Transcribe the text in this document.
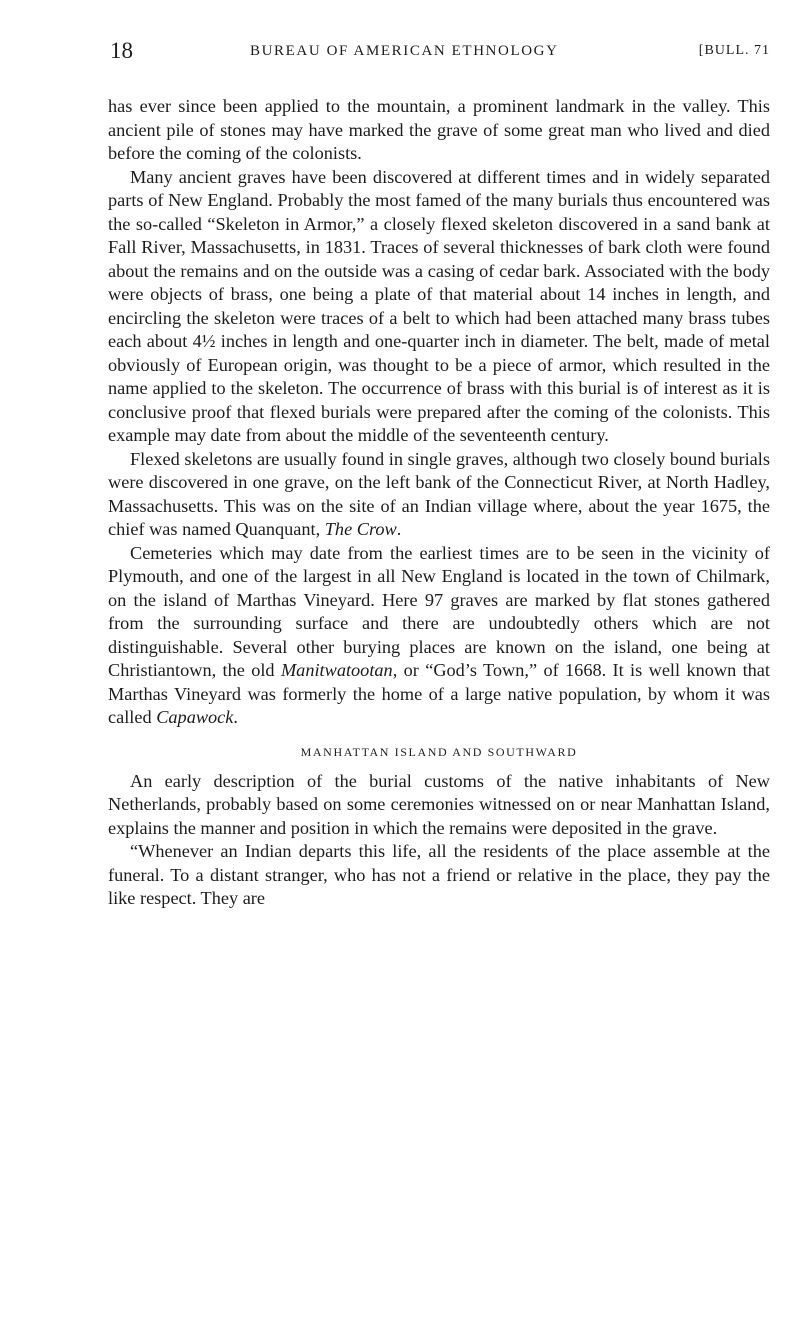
18	BUREAU OF AMERICAN ETHNOLOGY	[BULL. 71

has ever since been applied to the mountain, a prominent landmark in the valley. This ancient pile of stones may have marked the grave of some great man who lived and died before the coming of the colonists.

Many ancient graves have been discovered at different times and in widely separated parts of New England. Probably the most famed of the many burials thus encountered was the so-called “Skeleton in Armor,” a closely flexed skeleton discovered in a sand bank at Fall River, Massachusetts, in 1831. Traces of several thicknesses of bark cloth were found about the remains and on the outside was a casing of cedar bark. Associated with the body were objects of brass, one being a plate of that material about 14 inches in length, and encircling the skeleton were traces of a belt to which had been attached many brass tubes each about 4½ inches in length and one-quarter inch in diameter. The belt, made of metal obviously of European origin, was thought to be a piece of armor, which resulted in the name applied to the skeleton. The occurrence of brass with this burial is of interest as it is conclusive proof that flexed burials were prepared after the coming of the colonists. This example may date from about the middle of the seventeenth century.

Flexed skeletons are usually found in single graves, although two closely bound burials were discovered in one grave, on the left bank of the Connecticut River, at North Hadley, Massachusetts. This was on the site of an Indian village where, about the year 1675, the chief was named Quanquant, The Crow.

Cemeteries which may date from the earliest times are to be seen in the vicinity of Plymouth, and one of the largest in all New England is located in the town of Chilmark, on the island of Marthas Vineyard. Here 97 graves are marked by flat stones gathered from the surrounding surface and there are undoubtedly others which are not distinguishable. Several other burying places are known on the island, one being at Christiantown, the old Manitwatootan, or “God’s Town,” of 1668. It is well known that Marthas Vineyard was formerly the home of a large native population, by whom it was called Capawock.

MANHATTAN ISLAND AND SOUTHWARD

An early description of the burial customs of the native inhabitants of New Netherlands, probably based on some ceremonies witnessed on or near Manhattan Island, explains the manner and position in which the remains were deposited in the grave.

“Whenever an Indian departs this life, all the residents of the place assemble at the funeral. To a distant stranger, who has not a friend or relative in the place, they pay the like respect. They are
